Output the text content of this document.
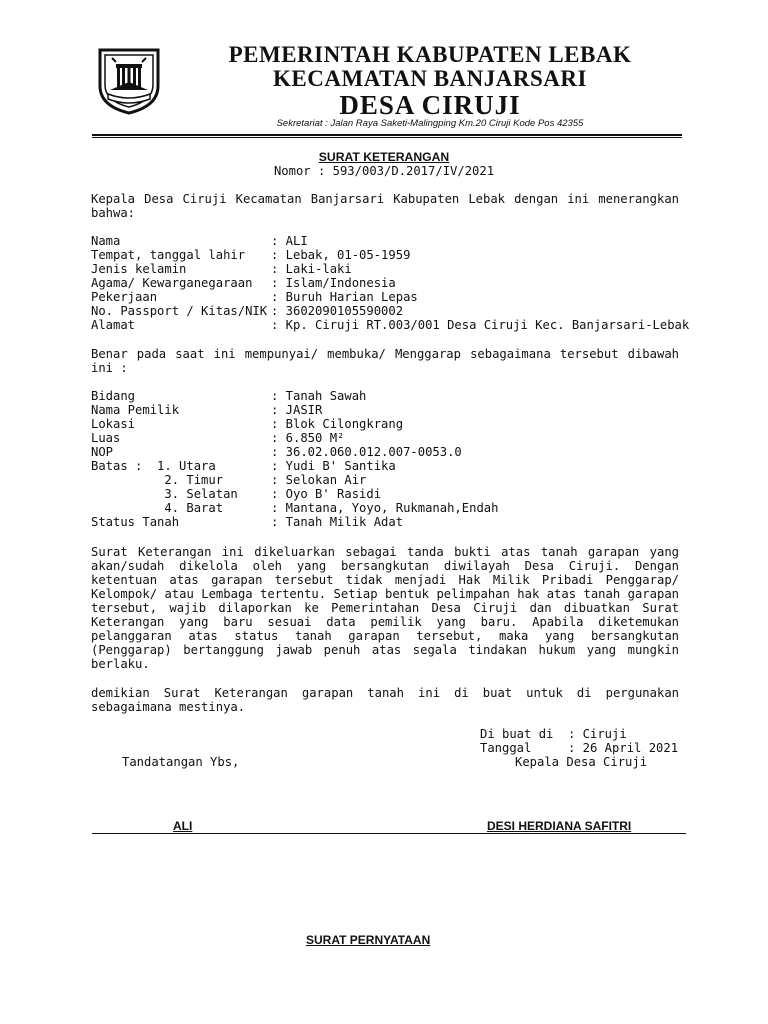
PEMERINTAH KABUPATEN LEBAK
KECAMATAN BANJARSARI
DESA CIRUJI
Sekretariat : Jalan Raya Saketi-Malingping Km.20 Ciruji Kode Pos 42355
SURAT KETERANGAN
Nomor : 593/003/D.2017/IV/2021
Kepala Desa Ciruji Kecamatan Banjarsari Kabupaten Lebak dengan ini menerangkan bahwa:
Nama	: ALI
Tempat, tanggal lahir : Lebak, 01-05-1959
Jenis kelamin	: Laki-laki
Agama/ Kewarganegaraan : Islam/Indonesia
Pekerjaan	: Buruh Harian Lepas
No. Passport / Kitas/NIK : 3602090105590002
Alamat	: Kp. Ciruji RT.003/001 Desa Ciruji Kec. Banjarsari-Lebak
Benar pada saat ini mempunyai/ membuka/ Menggarap sebagaimana tersebut dibawah ini :
Bidang	: Tanah Sawah
Nama Pemilik	: JASIR
Lokasi	: Blok Cilongkrang
Luas	: 6.850 M²
NOP	: 36.02.060.012.007-0053.0
Batas :  1. Utara	: Yudi B' Santika
2. Timur	: Selokan Air
3. Selatan	: Oyo B' Rasidi
4. Barat	: Mantana, Yoyo, Rukmanah,Endah
Status Tanah	: Tanah Milik Adat
Surat Keterangan ini dikeluarkan sebagai tanda bukti atas tanah garapan yang akan/sudah dikelola oleh yang bersangkutan diwilayah Desa Ciruji. Dengan ketentuan atas garapan tersebut tidak menjadi Hak Milik Pribadi Penggarap/ Kelompok/ atau Lembaga tertentu. Setiap bentuk pelimpahan hak atas tanah garapan tersebut, wajib dilaporkan ke Pemerintahan Desa Ciruji dan dibuatkan Surat Keterangan yang baru sesuai data pemilik yang baru. Apabila diketemukan pelanggaran atas status tanah garapan tersebut, maka yang bersangkutan (Penggarap) bertanggung jawab penuh atas segala tindakan hukum yang mungkin berlaku.
demikian Surat Keterangan garapan tanah ini di buat untuk di pergunakan sebagaimana mestinya.
Di buat di : Ciruji
Tanggal	: 26 April 2021
Kepala Desa Ciruji
Tandatangan Ybs,
ALI	DESI HERDIANA SAFITRI
SURAT PERNYATAAN
